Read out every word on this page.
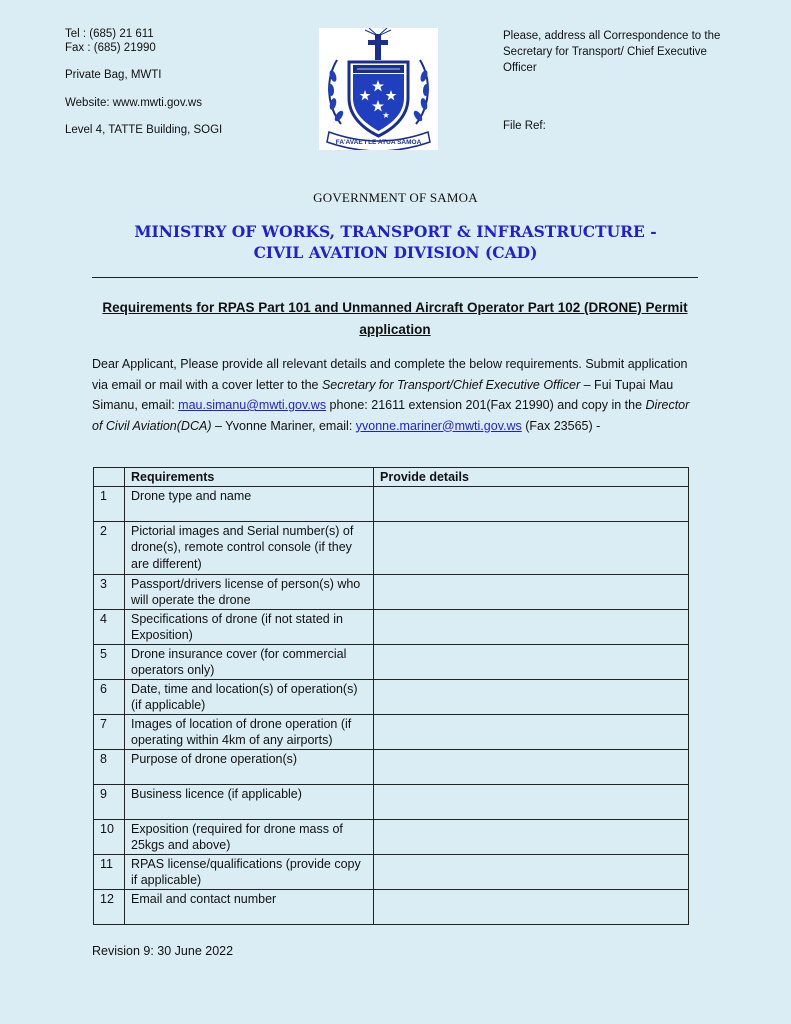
Tel : (685) 21 611
Fax : (685) 21990
Private Bag, MWTI
Website: www.mwti.gov.ws
Level 4, TATTE Building, SOGI
FA'AVAE I LE ATUA SAMOA
Please, address all Correspondence to the Secretary for Transport/ Chief Executive Officer
File Ref:
GOVERNMENT OF SAMOA
MINISTRY OF WORKS, TRANSPORT & INFRASTRUCTURE -
CIVIL AVATION DIVISION (CAD)
Requirements for RPAS Part 101 and Unmanned Aircraft Operator Part 102 (DRONE) Permit
application
Dear Applicant, Please provide all relevant details and complete the below requirements. Submit application via email or mail with a cover letter to the Secretary for Transport/Chief Executive Officer – Fui Tupai Mau Simanu, email: mau.simanu@mwti.gov.ws phone: 21611 extension 201(Fax 21990) and copy in the Director of Civil Aviation(DCA) – Yvonne Mariner, email: yvonne.mariner@mwti.gov.ws (Fax 23565) -
	Requirements	Provide details
1	Drone type and name	
2	Pictorial images and Serial number(s) of drone(s), remote control console (if they are different)	
3	Passport/drivers license of person(s) who will operate the drone	
4	Specifications of drone (if not stated in Exposition)	
5	Drone insurance cover (for commercial operators only)	
6	Date, time and location(s) of operation(s) (if applicable)	
7	Images of location of drone operation (if operating within 4km of any airports)	
8	Purpose of drone operation(s)	
9	Business licence (if applicable)	
10	Exposition (required for drone mass of 25kgs and above)	
11	RPAS license/qualifications (provide copy if applicable)	
12	Email and contact number	
Revision 9: 30 June 2022
